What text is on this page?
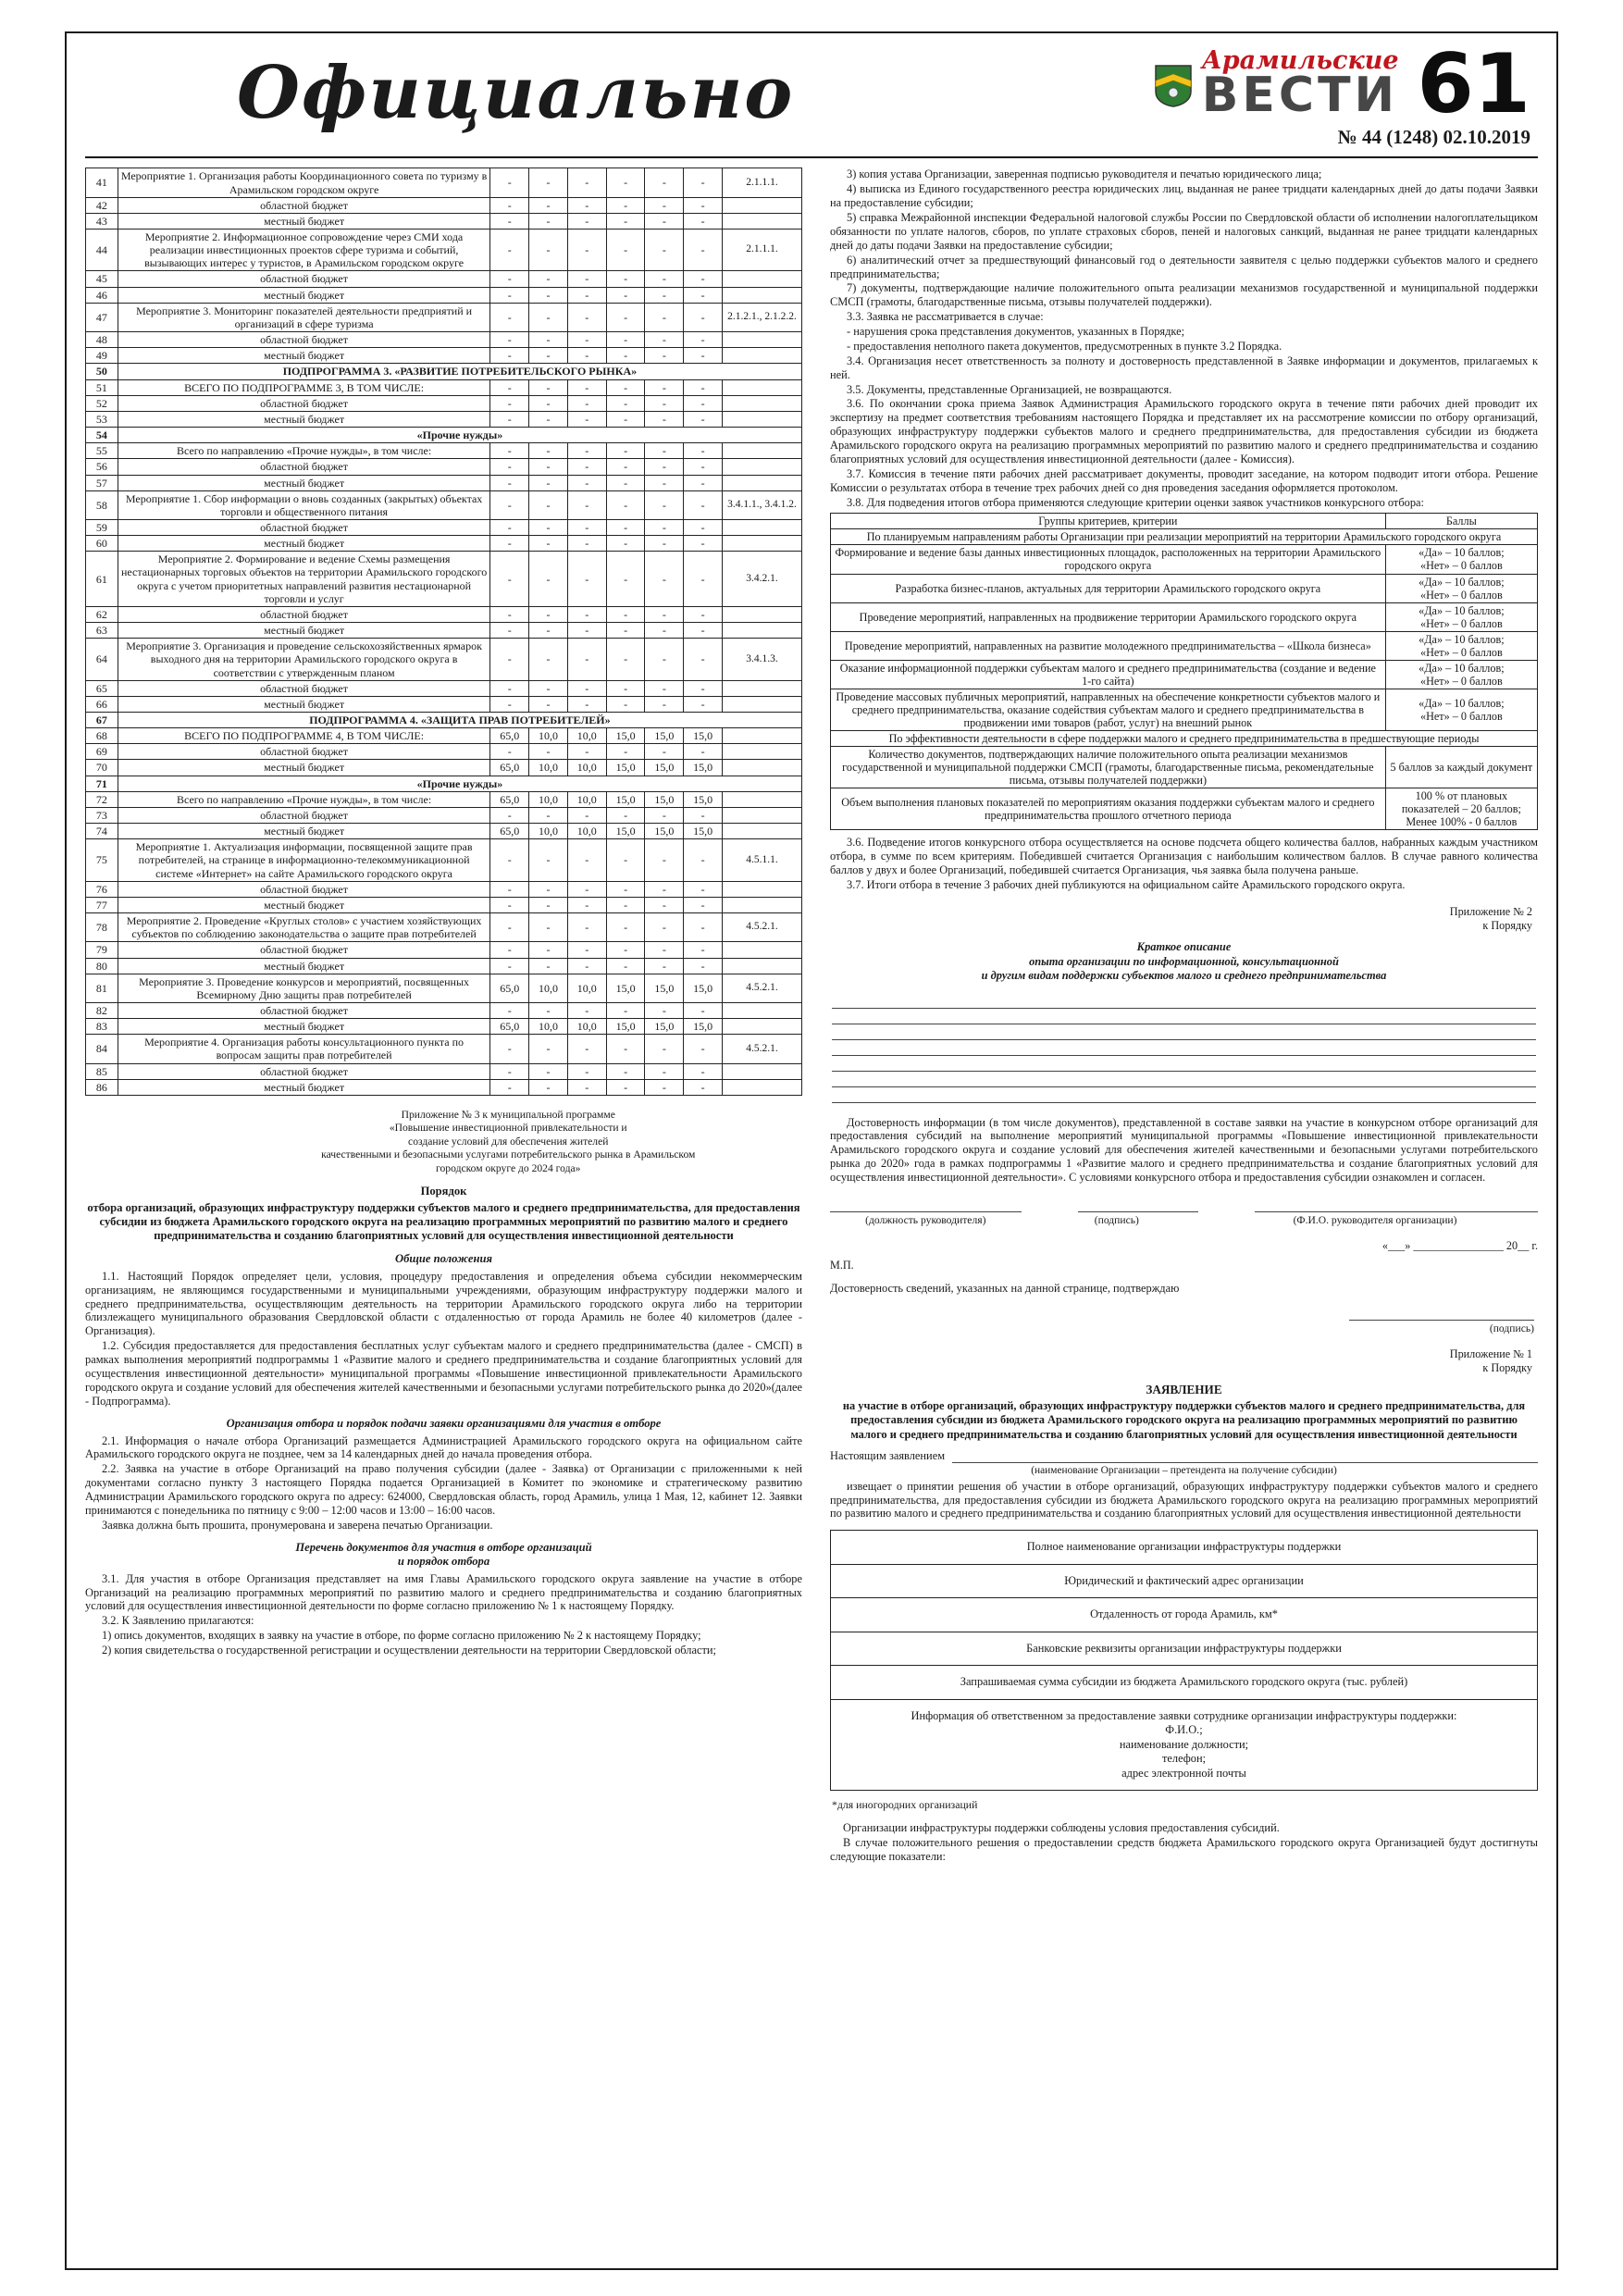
Официально	Арамильские
ВЕСТИ 61
№ 44 (1248) 02.10.2019
41	Мероприятие 1. Организация работы Координационного совета по туризму в Арамильском городском округе	-	-	-	-	-	-	2.1.1.1.
42	областной бюджет	-	-	-	-	-	-	
43	местный бюджет	-	-	-	-	-	-	
44	Мероприятие 2. Информационное сопровождение через СМИ хода реализации инвестиционных проектов сфере туризма и событий, вызывающих интерес у туристов, в Арамильском городском округе	-	-	-	-	-	-	2.1.1.1.
45	областной бюджет	-	-	-	-	-	-	
46	местный бюджет	-	-	-	-	-	-	
47	Мероприятие 3. Мониторинг показателей деятельности предприятий и организаций в сфере туризма	-	-	-	-	-	-	2.1.2.1., 2.1.2.2.
48	областной бюджет	-	-	-	-	-	-	
49	местный бюджет	-	-	-	-	-	-	
50	ПОДПРОГРАММА 3. «РАЗВИТИЕ ПОТРЕБИТЕЛЬСКОГО РЫНКА»							
51	ВСЕГО ПО ПОДПРОГРАММЕ 3, В ТОМ ЧИСЛЕ:	-	-	-	-	-	-	
52	областной бюджет	-	-	-	-	-	-	
53	местный бюджет	-	-	-	-	-	-	
54	«Прочие нужды»							
55	Всего по направлению «Прочие нужды», в том числе:	-	-	-	-	-	-	
56	областной бюджет	-	-	-	-	-	-	
57	местный бюджет	-	-	-	-	-	-	
58	Мероприятие 1. Сбор информации о вновь созданных (закрытых) объектах торговли и общественного питания	-	-	-	-	-	-	3.4.1.1., 3.4.1.2.
59	областной бюджет	-	-	-	-	-	-	
60	местный бюджет	-	-	-	-	-	-	
61	Мероприятие 2. Формирование и ведение Схемы размещения нестационарных торговых объектов на территории Арамильского городского округа с учетом приоритетных направлений развития нестационарной торговли и услуг	-	-	-	-	-	-	3.4.2.1.
62	областной бюджет	-	-	-	-	-	-	
63	местный бюджет	-	-	-	-	-	-	
64	Мероприятие 3. Организация и проведение сельскохозяйственных ярмарок выходного дня на территории Арамильского городского округа в соответствии с утвержденным планом	-	-	-	-	-	-	3.4.1.3.
65	областной бюджет	-	-	-	-	-	-	
66	местный бюджет	-	-	-	-	-	-	
67	ПОДПРОГРАММА 4. «ЗАЩИТА ПРАВ ПОТРЕБИТЕЛЕЙ»							
68	ВСЕГО ПО ПОДПРОГРАММЕ 4, В ТОМ ЧИСЛЕ:	65,0	10,0	10,0	15,0	15,0	15,0	
69	областной бюджет	-	-	-	-	-	-	
70	местный бюджет	65,0	10,0	10,0	15,0	15,0	15,0	
71	«Прочие нужды»							
72	Всего по направлению «Прочие нужды», в том числе:	65,0	10,0	10,0	15,0	15,0	15,0	
73	областной бюджет	-	-	-	-	-	-	
74	местный бюджет	65,0	10,0	10,0	15,0	15,0	15,0	
75	Мероприятие 1. Актуализация информации, посвященной защите прав потребителей, на странице в информационно-телекоммуникационной системе «Интернет» на сайте Арамильского городского округа	-	-	-	-	-	-	4.5.1.1.
76	областной бюджет	-	-	-	-	-	-	
77	местный бюджет	-	-	-	-	-	-	
78	Мероприятие 2. Проведение «Круглых столов» с участием хозяйствующих субъектов по соблюдению законодательства о защите прав потребителей	-	-	-	-	-	-	4.5.2.1.
79	областной бюджет	-	-	-	-	-	-	
80	местный бюджет	-	-	-	-	-	-	
81	Мероприятие 3. Проведение конкурсов и мероприятий, посвященных Всемирному Дню защиты прав потребителей	65,0	10,0	10,0	15,0	15,0	15,0	4.5.2.1.
82	областной бюджет	-	-	-	-	-	-	
83	местный бюджет	65,0	10,0	10,0	15,0	15,0	15,0	
84	Мероприятие 4. Организация работы консультационного пункта по вопросам защиты прав потребителей	-	-	-	-	-	-	4.5.2.1.
85	областной бюджет	-	-	-	-	-	-	
86	местный бюджет	-	-	-	-	-	-	
Приложение № 3 к муниципальной программе
«Повышение инвестиционной привлекательности и
создание условий для обеспечения жителей
качественными и безопасными услугами потребительского рынка в Арамильском
городском округе до 2024 года»
Порядок
отбора организаций, образующих инфраструктуру поддержки субъектов малого и среднего предпринимательства, для предоставления субсидии из бюджета Арамильского городского округа на реализацию программных мероприятий по развитию малого и среднего предпринимательства и созданию благоприятных условий для осуществления инвестиционной деятельности
Общие положения

1.1. Настоящий Порядок определяет цели, условия, процедуру предоставления и определения объема субсидии некоммерческим организациям, не являющимся государственными и муниципальными учреждениями, образующим инфраструктуру поддержки малого и среднего предпринимательства, осуществляющим деятельность на территории Арамильского городского округа либо на территории близлежащего муниципального образования Свердловской области с отдаленностью от города Арамиль не более 40 километров (далее - Организация).

1.2. Субсидия предоставляется для предоставления бесплатных услуг субъектам малого и среднего предпринимательства (далее - СМСП) в рамках выполнения мероприятий подпрограммы 1 «Развитие малого и среднего предпринимательства и создание благоприятных условий для осуществления инвестиционной деятельности» муниципальной программы «Повышение инвестиционной привлекательности Арамильского городского округа и создание условий для обеспечения жителей качественными и безопасными услугами потребительского рынка до 2020»(далее - Подпрограмма).

Организация отбора и порядок подачи заявки организациями для участия в отборе

2.1. Информация о начале отбора Организаций размещается Администрацией Арамильского городского округа на официальном сайте Арамильского городского округа не позднее, чем за 14 календарных дней до начала проведения отбора.

2.2. Заявка на участие в отборе Организаций на право получения субсидии (далее - Заявка) от Организации с приложенными к ней документами согласно пункту 3 настоящего Порядка подается Организацией в Комитет по экономике и стратегическому развитию Администрации Арамильского городского округа по адресу: 624000, Свердловская область, город Арамиль, улица 1 Мая, 12, кабинет 12. Заявки принимаются с понедельника по пятницу с 9:00 – 12:00 часов и 13:00 – 16:00 часов.

Заявка должна быть прошита, пронумерована и заверена печатью Организации.

Перечень документов для участия в отборе организаций
и порядок отбора

3.1. Для участия в отборе Организация представляет на имя Главы Арамильского городского округа заявление на участие в отборе Организаций на реализацию программных мероприятий по развитию малого и среднего предпринимательства и созданию благоприятных условий для осуществления инвестиционной деятельности по форме согласно приложению № 1 к настоящему Порядку.

3.2. К Заявлению прилагаются:

1) опись документов, входящих в заявку на участие в отборе, по форме согласно приложению № 2 к настоящему Порядку;

2) копия свидетельства о государственной регистрации и осуществлении деятельности на территории Свердловской области;

3) копия устава Организации, заверенная подписью руководителя и печатью юридического лица;

4) выписка из Единого государственного реестра юридических лиц, выданная не ранее тридцати календарных дней до даты подачи Заявки на предоставление субсидии;

5) справка Межрайонной инспекции Федеральной налоговой службы России по Свердловской области об исполнении налогоплательщиком обязанности по уплате налогов, сборов, по уплате страховых сборов, пеней и налоговых санкций, выданная не ранее тридцати календарных дней до даты подачи Заявки на предоставление субсидии;

6) аналитический отчет за предшествующий финансовый год о деятельности заявителя с целью поддержки субъектов малого и среднего предпринимательства;

7) документы, подтверждающие наличие положительного опыта реализации механизмов государственной и муниципальной поддержки СМСП (грамоты, благодарственные письма, отзывы получателей поддержки).

3.3. Заявка не рассматривается в случае:

- нарушения срока представления документов, указанных в Порядке;

- предоставления неполного пакета документов, предусмотренных в пункте 3.2 Порядка.

3.4. Организация несет ответственность за полноту и достоверность представленной в Заявке информации и документов, прилагаемых к ней.

3.5. Документы, представленные Организацией, не возвращаются.

3.6. По окончании срока приема Заявок Администрация Арамильского городского округа в течение пяти рабочих дней проводит их экспертизу на предмет соответствия требованиям настоящего Порядка и представляет их на рассмотрение комиссии по отбору организаций, образующих инфраструктуру поддержки субъектов малого и среднего предпринимательства, для предоставления субсидии из бюджета Арамильского городского округа на реализацию программных мероприятий по развитию малого и среднего предпринимательства и созданию благоприятных условий для осуществления инвестиционной деятельности (далее - Комиссия).

3.7. Комиссия в течение пяти рабочих дней рассматривает документы, проводит заседание, на котором подводит итоги отбора. Решение Комиссии о результатах отбора в течение трех рабочих дней со дня проведения заседания оформляется протоколом.

3.8. Для подведения итогов отбора применяются следующие критерии оценки заявок участников конкурсного отбора:

Группы критериев, критерии	Баллы
По планируемым направлениям работы Организации при реализации мероприятий на территории Арамильского городского округа	
Формирование и ведение базы данных инвестиционных площадок, расположенных на территории Арамильского городского округа	«Да» – 10 баллов;
«Нет» – 0 баллов
Разработка бизнес-планов, актуальных для территории Арамильского городского округа	«Да» – 10 баллов;
«Нет» – 0 баллов
Проведение мероприятий, направленных на продвижение территории Арамильского городского округа	«Да» – 10 баллов;
«Нет» – 0 баллов
Проведение мероприятий, направленных на развитие молодежного предпринимательства – «Школа бизнеса»	«Да» – 10 баллов;
«Нет» – 0 баллов
Оказание информационной поддержки субъектам малого и среднего предпринимательства (создание и ведение 1-го сайта)	«Да» – 10 баллов;
«Нет» – 0 баллов
Проведение массовых публичных мероприятий, направленных на обеспечение конкретности субъектов малого и среднего предпринимательства, оказание содействия субъектам малого и среднего предпринимательства в продвижении ими товаров (работ, услуг) на внешний рынок	«Да» – 10 баллов;
«Нет» – 0 баллов
По эффективности деятельности в сфере поддержки малого и среднего предпринимательства в предшествующие периоды	
Количество документов, подтверждающих наличие положительного опыта реализации механизмов государственной и муниципальной поддержки СМСП (грамоты, благодарственные письма, рекомендательные письма, отзывы получателей поддержки)	5 баллов за каждый документ
Объем выполнения плановых показателей по мероприятиям оказания поддержки субъектам малого и среднего предпринимательства прошлого отчетного периода	100 % от плановых показателей – 20 баллов;
Менее 100% - 0 баллов

3.6. Подведение итогов конкурсного отбора осуществляется на основе подсчета общего количества баллов, набранных каждым участником отбора, в сумме по всем критериям. Победившей считается Организация с наибольшим количеством баллов. В случае равного количества баллов у двух и более Организаций, победившей считается Организация, чья заявка была получена раньше.

3.7. Итоги отбора в течение 3 рабочих дней публикуются на официальном сайте Арамильского городского округа.

Приложение № 2
к Порядку
Краткое описание
опыта организации по информационной, консультационной
и другим видам поддержки субъектов малого и среднего предпринимательства

Достоверность информации (в том числе документов), представленной в составе заявки на участие в конкурсном отборе организаций для предоставления субсидий на выполнение мероприятий муниципальной программы «Повышение инвестиционной привлекательности Арамильского городского округа и создание условий для обеспечения жителей качественными и безопасными услугами потребительского рынка до 2020» года в рамках подпрограммы 1 «Развитие малого и среднего предпринимательства и создание благоприятных условий для осуществления инвестиционной деятельности». С условиями конкурсного отбора и предоставления субсидии ознакомлен и согласен.

(должность руководителя)	(подпись)	(Ф.И.О. руководителя организации)
«___» ________________ 20__ г.
М.П.

Достоверность сведений, указанных на данной странице, подтверждаю

(подпись)
Приложение № 1
к Порядку
ЗАЯВЛЕНИЕ
на участие в отборе организаций, образующих инфраструктуру поддержки субъектов малого и среднего предпринимательства, для предоставления субсидии из бюджета Арамильского городского округа на реализацию программных мероприятий по развитию малого и среднего предпринимательства и созданию благоприятных условий для осуществления инвестиционной деятельности
Настоящим заявлением
(наименование Организации – претендента на получение субсидии)

извещает о принятии решения об участии в отборе организаций, образующих инфраструктуру поддержки субъектов малого и среднего предпринимательства, для предоставления субсидии из бюджета Арамильского городского округа на реализацию программных мероприятий по развитию малого и среднего предпринимательства и созданию благоприятных условий для осуществления инвестиционной деятельности

Полное наименование организации инфраструктуры поддержки
Юридический и фактический адрес организации
Отдаленность от города Арамиль, км*
Банковские реквизиты организации инфраструктуры поддержки
Запрашиваемая сумма субсидии из бюджета Арамильского городского округа (тыс. рублей)
Информация об ответственном за предоставление заявки сотруднике организации инфраструктуры поддержки:
Ф.И.О.;
наименование должности;
телефон;
адрес электронной почты
*для иногородних организаций

Организации инфраструктуры поддержки соблюдены условия предоставления субсидий.

В случае положительного решения о предоставлении средств бюджета Арамильского городского округа Организацией будут достигнуты следующие показатели:
